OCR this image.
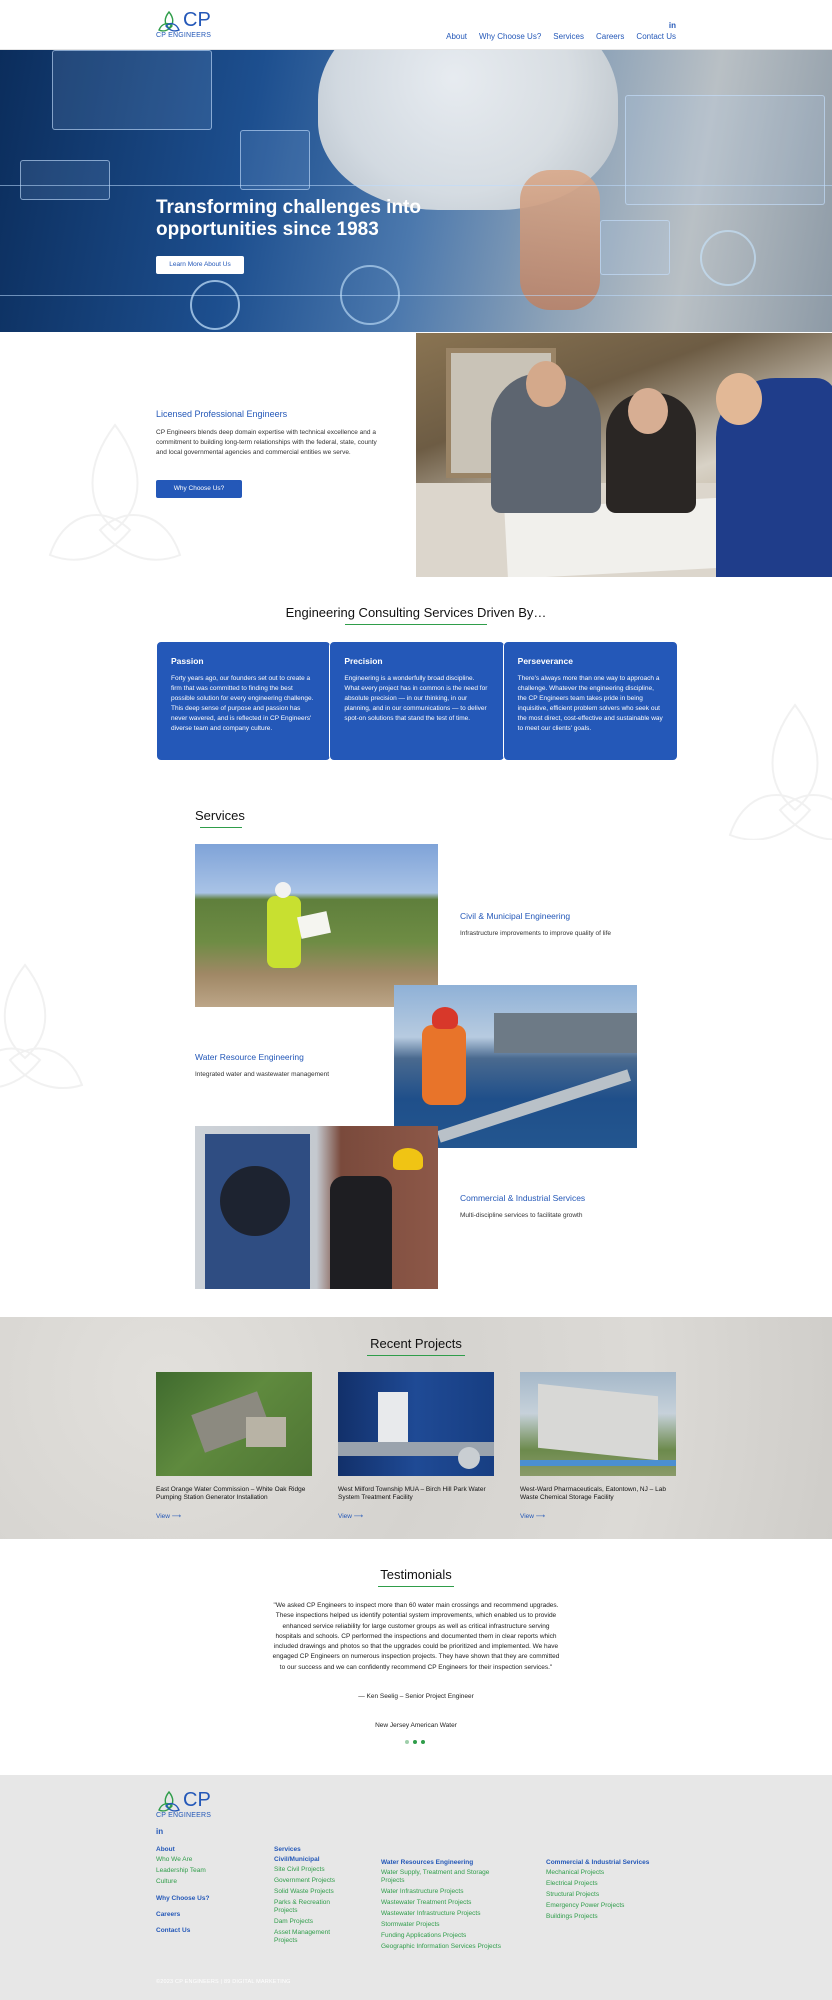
CP
CP ENGINEERS
in
About Why Choose Us? Services Careers Contact Us
Transforming challenges into opportunities since 1983
Learn More About Us
Licensed Professional Engineers
CP Engineers blends deep domain expertise with technical excellence and a commitment to building long-term relationships with the federal, state, county and local governmental agencies and commercial entities we serve.
Why Choose Us?
Engineering Consulting Services Driven By…
Passion

Forty years ago, our founders set out to create a firm that was committed to finding the best possible solution for every engineering challenge. This deep sense of purpose and passion has never wavered, and is reflected in CP Engineers' diverse team and company culture.

Precision

Engineering is a wonderfully broad discipline. What every project has in common is the need for absolute precision — in our thinking, in our planning, and in our communications — to deliver spot-on solutions that stand the test of time.

Perseverance

There's always more than one way to approach a challenge. Whatever the engineering discipline, the CP Engineers team takes pride in being inquisitive, efficient problem solvers who seek out the most direct, cost-effective and sustainable way to meet our clients' goals.

Services
Civil & Municipal Engineering
Infrastructure improvements to improve quality of life
Water Resource Engineering
Integrated water and wastewater management
Commercial & Industrial Services
Multi-discipline services to facilitate growth
Recent Projects
East Orange Water Commission – White Oak Ridge Pumping Station Generator Installation
View ⟶
West Milford Township MUA – Birch Hill Park Water System Treatment Facility
View ⟶
West-Ward Pharmaceuticals, Eatontown, NJ – Lab Waste Chemical Storage Facility
View ⟶
Testimonials
"We asked CP Engineers to inspect more than 60 water main crossings and recommend upgrades. These inspections helped us identify potential system improvements, which enabled us to provide enhanced service reliability for large customer groups as well as critical infrastructure serving hospitals and schools. CP performed the inspections and documented them in clear reports which included drawings and photos so that the upgrades could be prioritized and implemented. We have engaged CP Engineers on numerous inspection projects. They have shown that they are committed to our success and we can confidently recommend CP Engineers for their inspection services."
— Ken Seelig – Senior Project Engineer
New Jersey American Water
CP
CP ENGINEERS
in
About
Who We Are
Leadership Team
Culture
Why Choose Us?
Careers
Contact Us
Services
Civil/Municipal
Site Civil Projects
Government Projects
Solid Waste Projects
Parks & Recreation Projects
Dam Projects
Asset Management Projects
Water Resources Engineering
Water Supply, Treatment and Storage Projects
Water Infrastructure Projects
Wastewater Treatment Projects
Wastewater Infrastructure Projects
Stormwater Projects
Funding Applications Projects
Geographic Information Services Projects
Commercial & Industrial Services
Mechanical Projects
Electrical Projects
Structural Projects
Emergency Power Projects
Buildings Projects
©2023 CP ENGINEERS | 89 DIGITAL MARKETING
